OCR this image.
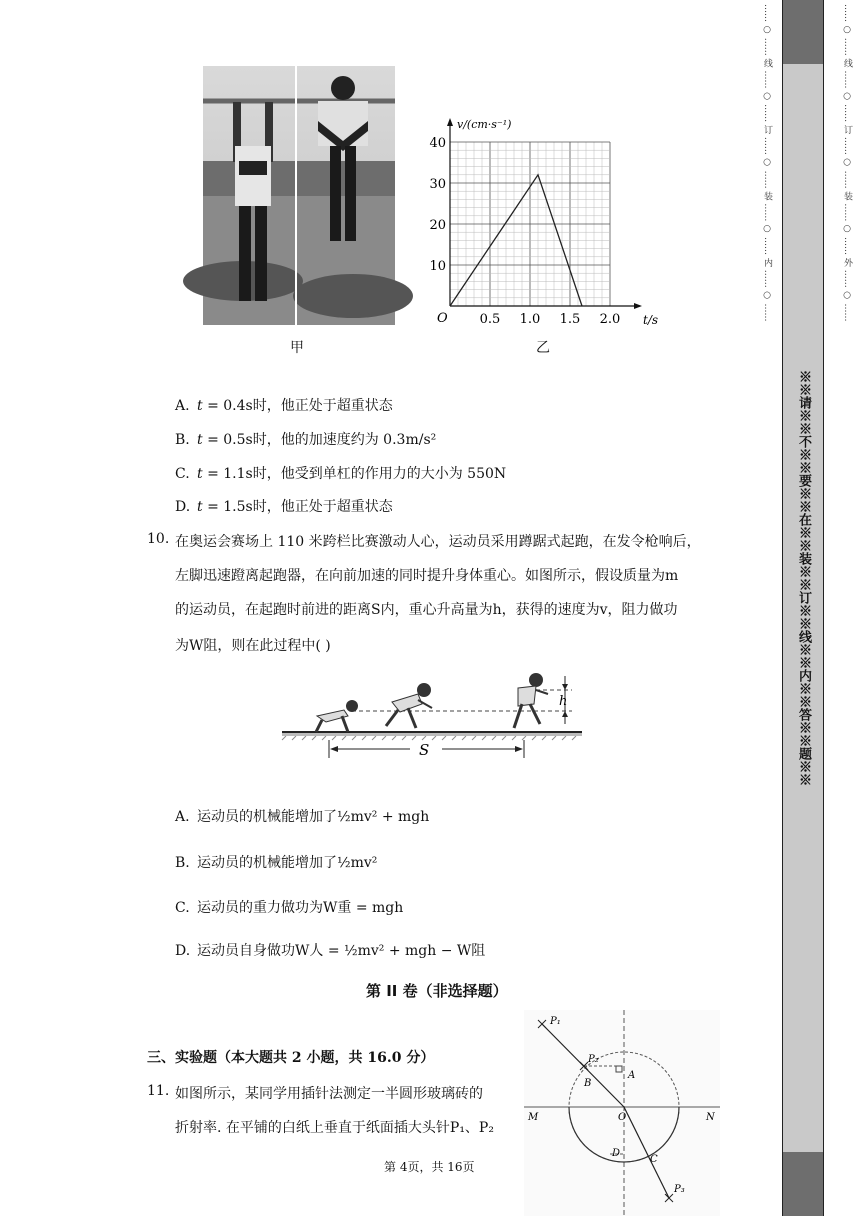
甲
0.5 1.0 1.5 2.0
10
20
30
40
v/(cm·s⁻¹)
t/s
O
乙
A. t = 0.4s时，他正处于超重状态
B. t = 0.5s时，他的加速度约为 0.3m/s²
C. t = 1.1s时，他受到单杠的作用力的大小为 550N
D. t = 1.5s时，他正处于超重状态
10. 在奥运会赛场上 110 米跨栏比赛激动人心，运动员采用蹲踞式起跑，在发令枪响后，
左脚迅速蹬离起跑器，在向前加速的同时提升身体重心。如图所示，假设质量为m
的运动员，在起跑时前进的距离S内，重心升高量为h，获得的速度为v，阻力做功
为W阻，则在此过程中( )
h
S
A. 运动员的机械能增加了½mv² + mgh
B. 运动员的机械能增加了½mv²
C. 运动员的重力做功为W重 = mgh
D. 运动员自身做功W人 = ½mv² + mgh − W阻
第 II 卷（非选择题）
三、实验题（本大题共 2 小题，共 16.0 分）
11. 如图所示，某同学用插针法测定一半圆形玻璃砖的
折射率. 在平铺的白纸上垂直于纸面插大头针P₁、P₂
P₁
P₂
P₃
A
B
C
D
O
M	N
第 4页，共 16页
※※请※※不※※要※※在※※装※※订※※线※※内※※答※※题※※
…… ○ …… 线 …… ○ …… 订 …… ○ …… 装 …… ○ …… 内 …… ○ ……	…… ○ …… 线 …… ○ …… 订 …… ○ …… 装 …… ○ …… 外 …… ○ ……
